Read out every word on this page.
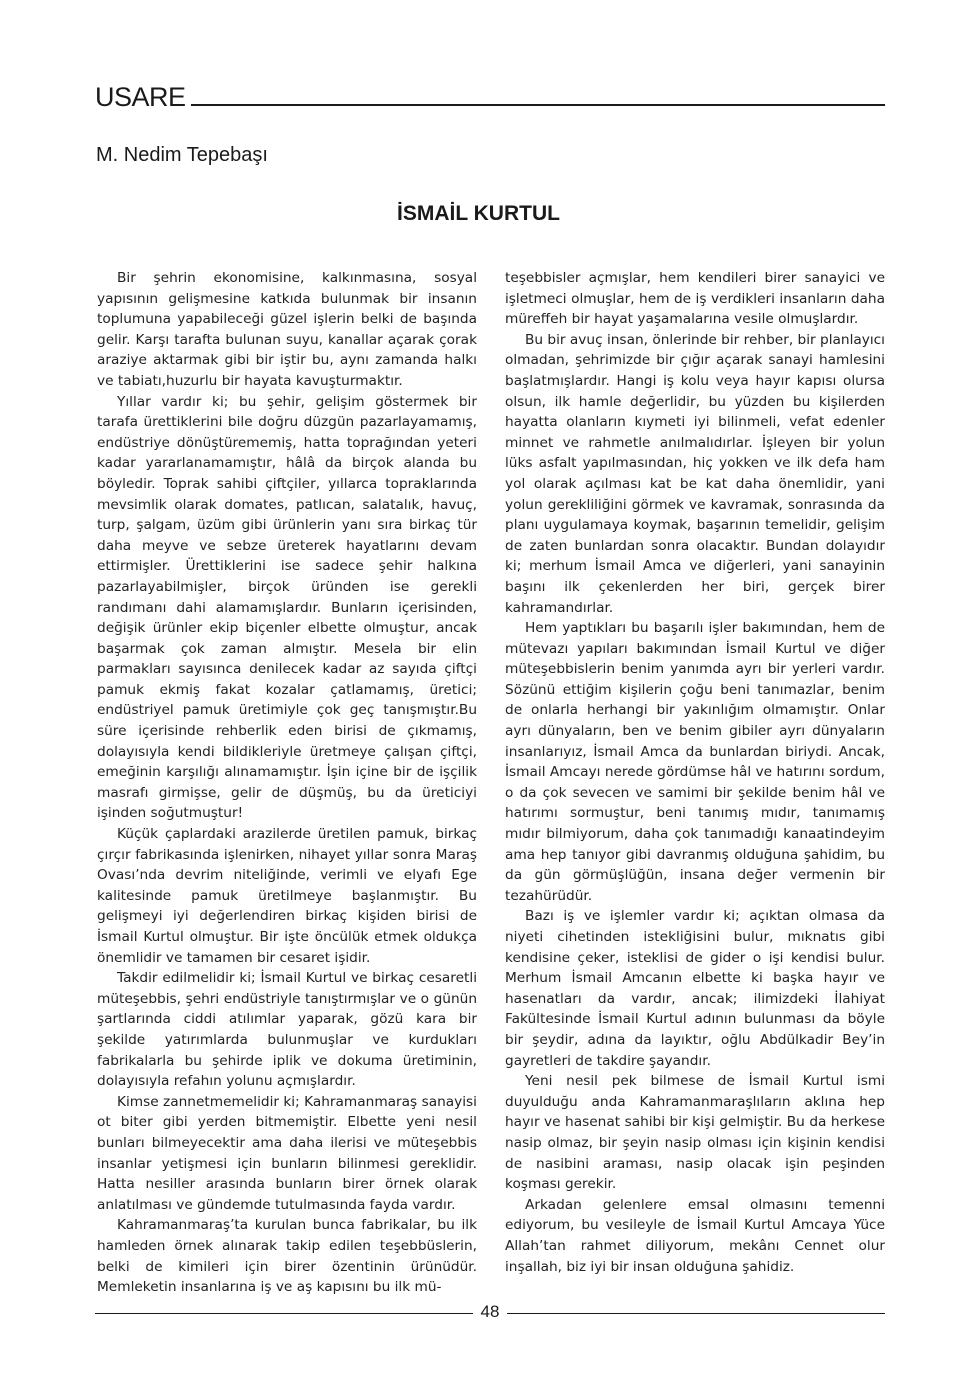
USARE
M. Nedim Tepebaşı
İSMAİL KURTUL

Bir şehrin ekonomisine, kalkınmasına, sosyal yapısının gelişmesine katkıda bulunmak bir insanın toplumuna yapabileceği güzel işlerin belki de başında gelir. Karşı tarafta bulunan suyu, kanallar açarak çorak araziye aktarmak gibi bir iştir bu, aynı zamanda halkı ve tabiatı,huzurlu bir hayata kavuşturmaktır.

Yıllar vardır ki; bu şehir, gelişim göstermek bir tarafa ürettiklerini bile doğru düzgün pazarlayamamış, endüstriye dönüştürememiş, hatta toprağından yeteri kadar yararlanamamıştır, hâlâ da birçok alanda bu böyledir. Toprak sahibi çiftçiler, yıllarca topraklarında mevsimlik olarak domates, patlıcan, salatalık, havuç, turp, şalgam, üzüm gibi ürünlerin yanı sıra birkaç tür daha meyve ve sebze üreterek hayatlarını devam ettirmişler. Ürettiklerini ise sadece şehir halkına pazarlayabilmişler, birçok üründen ise gerekli randımanı dahi alamamışlardır. Bunların içerisinden, değişik ürünler ekip biçenler elbette olmuştur, ancak başarmak çok zaman almıştır. Mesela bir elin parmakları sayısınca denilecek kadar az sayıda çiftçi pamuk ekmiş fakat kozalar çatlamamış, üretici; endüstriyel pamuk üretimiyle çok geç tanışmıştır.Bu süre içerisinde rehberlik eden birisi de çıkmamış, dolayısıyla kendi bildikleriyle üretmeye çalışan çiftçi, emeğinin karşılığı alınamamıştır. İşin içine bir de işçilik masrafı girmişse, gelir de düşmüş, bu da üreticiyi işinden soğutmuştur!

Küçük çaplardaki arazilerde üretilen pamuk, birkaç çırçır fabrikasında işlenirken, nihayet yıllar sonra Maraş Ovası’nda devrim niteliğinde, verimli ve elyafı Ege kalitesinde pamuk üretilmeye başlanmıştır. Bu gelişmeyi iyi değerlendiren birkaç kişiden birisi de İsmail Kurtul olmuştur. Bir işte öncülük etmek oldukça önemlidir ve tamamen bir cesaret işidir.

Takdir edilmelidir ki; İsmail Kurtul ve birkaç cesaretli müteşebbis, şehri endüstriyle tanıştırmışlar ve o günün şartlarında ciddi atılımlar yaparak, gözü kara bir şekilde yatırımlarda bulunmuşlar ve kurdukları fabrikalarla bu şehirde iplik ve dokuma üretiminin, dolayısıyla refahın yolunu açmışlardır.

Kimse zannetmemelidir ki; Kahramanmaraş sanayisi ot biter gibi yerden bitmemiştir. Elbette yeni nesil bunları bilmeyecektir ama daha ilerisi ve müteşebbis insanlar yetişmesi için bunların bilinmesi gereklidir. Hatta nesiller arasında bunların birer örnek olarak anlatılması ve gündemde tutulmasında fayda vardır.

Kahramanmaraş’ta kurulan bunca fabrikalar, bu ilk hamleden örnek alınarak takip edilen teşebbüslerin, belki de kimileri için birer özentinin ürünüdür. Memleketin insanlarına iş ve aş kapısını bu ilk mü-

teşebbisler açmışlar, hem kendileri birer sanayici ve işletmeci olmuşlar, hem de iş verdikleri insanların daha müreffeh bir hayat yaşamalarına vesile olmuşlardır.

Bu bir avuç insan, önlerinde bir rehber, bir planlayıcı olmadan, şehrimizde bir çığır açarak sanayi hamlesini başlatmışlardır. Hangi iş kolu veya hayır kapısı olursa olsun, ilk hamle değerlidir, bu yüzden bu kişilerden hayatta olanların kıymeti iyi bilinmeli, vefat edenler minnet ve rahmetle anılmalıdırlar. İşleyen bir yolun lüks asfalt yapılmasından, hiç yokken ve ilk defa ham yol olarak açılması kat be kat daha önemlidir, yani yolun gerekliliğini görmek ve kavramak, sonrasında da planı uygulamaya koymak, başarının temelidir, gelişim de zaten bunlardan sonra olacaktır. Bundan dolayıdır ki; merhum İsmail Amca ve diğerleri, yani sanayinin başını ilk çekenlerden her biri, gerçek birer kahramandırlar.

Hem yaptıkları bu başarılı işler bakımından, hem de mütevazı yapıları bakımından İsmail Kurtul ve diğer müteşebbislerin benim yanımda ayrı bir yerleri vardır. Sözünü ettiğim kişilerin çoğu beni tanımazlar, benim de onlarla herhangi bir yakınlığım olmamıştır. Onlar ayrı dünyaların, ben ve benim gibiler ayrı dünyaların insanlarıyız, İsmail Amca da bunlardan biriydi. Ancak, İsmail Amcayı nerede gördümse hâl ve hatırını sordum, o da çok sevecen ve samimi bir şekilde benim hâl ve hatırımı sormuştur, beni tanımış mıdır, tanımamış mıdır bilmiyorum, daha çok tanımadığı kanaatindeyim ama hep tanıyor gibi davranmış olduğuna şahidim, bu da gün görmüşlüğün, insana değer vermenin bir tezahürüdür.

Bazı iş ve işlemler vardır ki; açıktan olmasa da niyeti cihetinden istekliğisini bulur, mıknatıs gibi kendisine çeker, isteklisi de gider o işi kendisi bulur. Merhum İsmail Amcanın elbette ki başka hayır ve hasenatları da vardır, ancak; ilimizdeki İlahiyat Fakültesinde İsmail Kurtul adının bulunması da böyle bir şeydir, adına da layıktır, oğlu Abdülkadir Bey’in gayretleri de takdire şayandır.

Yeni nesil pek bilmese de İsmail Kurtul ismi duyulduğu anda Kahramanmaraşlıların aklına hep hayır ve hasenat sahibi bir kişi gelmiştir. Bu da herkese nasip olmaz, bir şeyin nasip olması için kişinin kendisi de nasibini araması, nasip olacak işin peşinden koşması gerekir.

Arkadan gelenlere emsal olmasını temenni ediyorum, bu vesileyle de İsmail Kurtul Amcaya Yüce Allah’tan rahmet diliyorum, mekânı Cennet olur inşallah, biz iyi bir insan olduğuna şahidiz.

48
